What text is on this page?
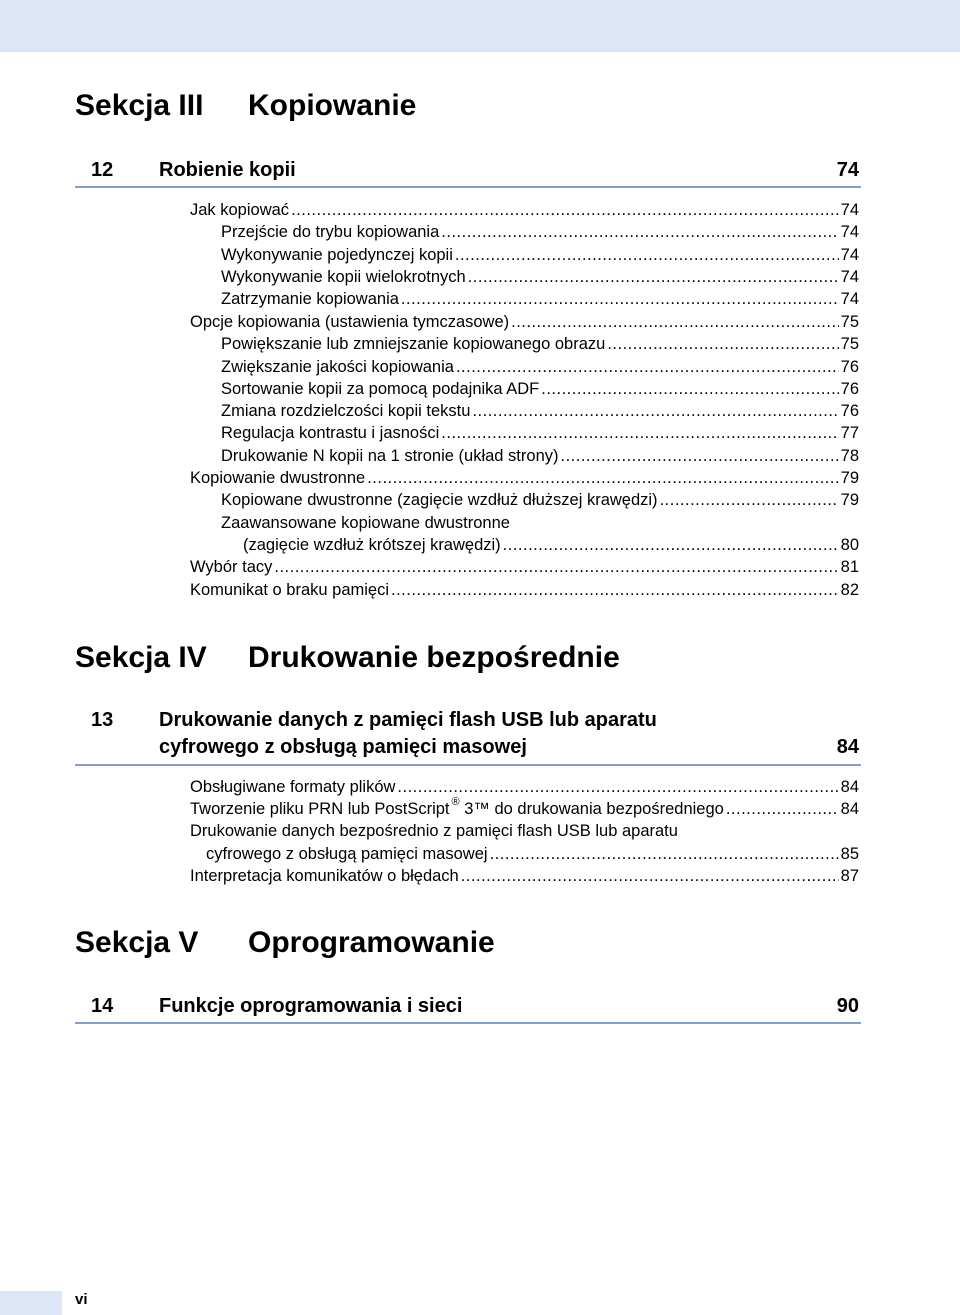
Sekcja III Kopiowanie
12 Robienie kopii	74
Jak kopiować .....	74
Przejście do trybu kopiowania .....	74
Wykonywanie pojedynczej kopii .....	74
Wykonywanie kopii wielokrotnych .....	74
Zatrzymanie kopiowania .....	74
Opcje kopiowania (ustawienia tymczasowe) .....	75
Powiększanie lub zmniejszanie kopiowanego obrazu .....	75
Zwiększanie jakości kopiowania .....	76
Sortowanie kopii za pomocą podajnika ADF .....	76
Zmiana rozdzielczości kopii tekstu .....	76
Regulacja kontrastu i jasności .....	77
Drukowanie N kopii na 1 stronie (układ strony) .....	78
Kopiowanie dwustronne .....	79
Kopiowane dwustronne (zagięcie wzdłuż dłuższej krawędzi) .....	79
Zaawansowane kopiowane dwustronne
(zagięcie wzdłuż krótszej krawędzi) .....	80
Wybór tacy .....	81
Komunikat o braku pamięci .....	82
Sekcja IV Drukowanie bezpośrednie
13 Drukowanie danych z pamięci flash USB lub aparatu
cyfrowego z obsługą pamięci masowej	84
Obsługiwane formaty plików .....	84
Tworzenie pliku PRN lub PostScript ® 3™ do drukowania bezpośredniego .....	84
Drukowanie danych bezpośrednio z pamięci flash USB lub aparatu
cyfrowego z obsługą pamięci masowej .....	85
Interpretacja komunikatów o błędach .....	87
Sekcja V Oprogramowanie
14 Funkcje oprogramowania i sieci	90
vi
